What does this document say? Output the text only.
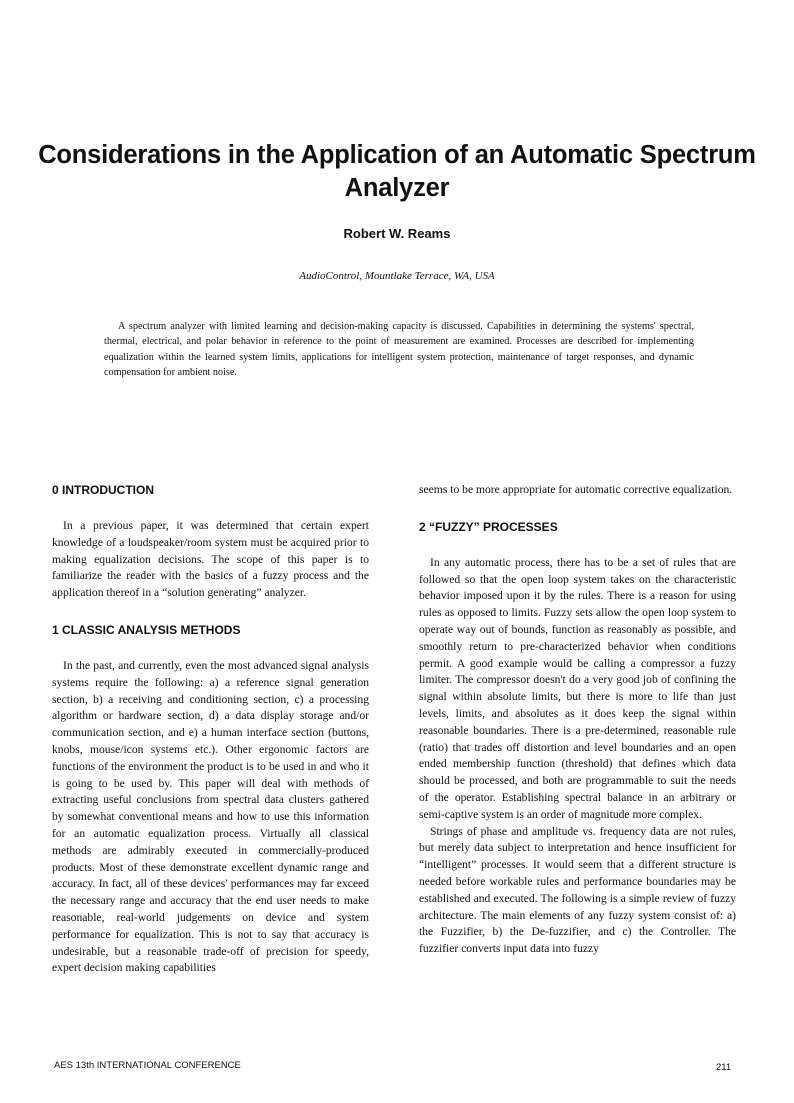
Considerations in the Application of an Automatic Spectrum Analyzer
Robert W. Reams
AudioControl, Mountlake Terrace, WA, USA
A spectrum analyzer with limited learning and decision-making capacity is discussed. Capabilities in determining the systems' spectral, thermal, electrical, and polar behavior in reference to the point of measurement are examined. Processes are described for implementing equalization within the learned system limits, applications for intelligent system protection, maintenance of target responses, and dynamic compensation for ambient noise.

0 INTRODUCTION

In a previous paper, it was determined that certain expert knowledge of a loudspeaker/room system must be acquired prior to making equalization decisions. The scope of this paper is to familiarize the reader with the basics of a fuzzy process and the application thereof in a “solution generating” analyzer.

1 CLASSIC ANALYSIS METHODS

In the past, and currently, even the most advanced signal analysis systems require the following: a) a reference signal generation section, b) a receiving and conditioning section, c) a processing algorithm or hardware section, d) a data display storage and/or communication section, and e) a human interface section (buttons, knobs, mouse/icon systems etc.). Other ergonomic factors are functions of the environment the product is to be used in and who it is going to be used by. This paper will deal with methods of extracting useful conclusions from spectral data clusters gathered by somewhat conventional means and how to use this information for an automatic equalization process. Virtually all classical methods are admirably executed in commercially-produced products. Most of these demonstrate excellent dynamic range and accuracy. In fact, all of these devices' performances may far exceed the necessary range and accuracy that the end user needs to make reasonable, real-world judgements on device and system performance for equalization. This is not to say that accuracy is undesirable, but a reasonable trade-off of precision for speedy, expert decision making capabilities

seems to be more appropriate for automatic corrective equalization.

2 “FUZZY” PROCESSES

In any automatic process, there has to be a set of rules that are followed so that the open loop system takes on the characteristic behavior imposed upon it by the rules. There is a reason for using rules as opposed to limits. Fuzzy sets allow the open loop system to operate way out of bounds, function as reasonably as possible, and smoothly return to pre-characterized behavior when conditions permit. A good example would be calling a compressor a fuzzy limiter. The compressor doesn't do a very good job of confining the signal within absolute limits, but there is more to life than just levels, limits, and absolutes as it does keep the signal within reasonable boundaries. There is a pre-determined, reasonable rule (ratio) that trades off distortion and level boundaries and an open ended membership function (threshold) that defines which data should be processed, and both are programmable to suit the needs of the operator. Establishing spectral balance in an arbitrary or semi-captive system is an order of magnitude more complex.

Strings of phase and amplitude vs. frequency data are not rules, but merely data subject to interpretation and hence insufficient for “intelligent” processes. It would seem that a different structure is needed before workable rules and performance boundaries may be established and executed. The following is a simple review of fuzzy architecture. The main elements of any fuzzy system consist of: a) the Fuzzifier, b) the De-fuzzifier, and c) the Controller. The fuzzifier converts input data into fuzzy

AES 13th INTERNATIONAL CONFERENCE	211
